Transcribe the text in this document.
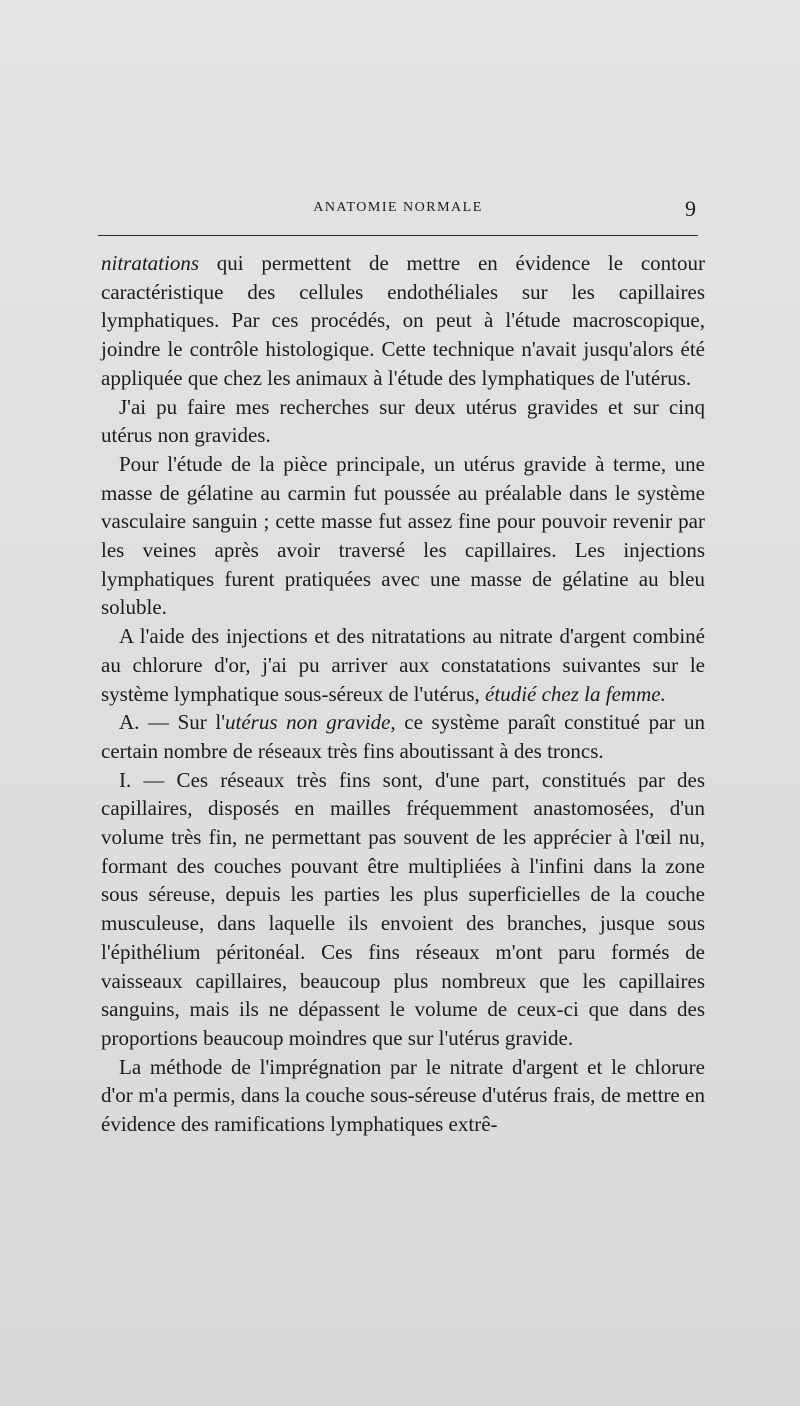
ANATOMIE NORMALE	9

nitratations qui permettent de mettre en évidence le contour caractéristique des cellules endothéliales sur les capillaires lymphatiques. Par ces procédés, on peut à l'étude macroscopique, joindre le contrôle histologique. Cette technique n'avait jusqu'alors été appliquée que chez les animaux à l'étude des lymphatiques de l'utérus.

J'ai pu faire mes recherches sur deux utérus gravides et sur cinq utérus non gravides.

Pour l'étude de la pièce principale, un utérus gravide à terme, une masse de gélatine au carmin fut poussée au préalable dans le système vasculaire sanguin ; cette masse fut assez fine pour pouvoir revenir par les veines après avoir traversé les capillaires. Les injections lymphatiques furent pratiquées avec une masse de gélatine au bleu soluble.

A l'aide des injections et des nitratations au nitrate d'argent combiné au chlorure d'or, j'ai pu arriver aux constatations suivantes sur le système lymphatique sous-séreux de l'utérus, étudié chez la femme.

A. — Sur l'utérus non gravide, ce système paraît constitué par un certain nombre de réseaux très fins aboutissant à des troncs.

I. — Ces réseaux très fins sont, d'une part, constitués par des capillaires, disposés en mailles fréquemment anastomosées, d'un volume très fin, ne permettant pas souvent de les apprécier à l'œil nu, formant des couches pouvant être multipliées à l'infini dans la zone sous séreuse, depuis les parties les plus superficielles de la couche musculeuse, dans laquelle ils envoient des branches, jusque sous l'épithélium péritonéal. Ces fins réseaux m'ont paru formés de vaisseaux capillaires, beaucoup plus nombreux que les capillaires sanguins, mais ils ne dépassent le volume de ceux-ci que dans des proportions beaucoup moindres que sur l'utérus gravide.

La méthode de l'imprégnation par le nitrate d'argent et le chlorure d'or m'a permis, dans la couche sous-séreuse d'utérus frais, de mettre en évidence des ramifications lymphatiques extrê-
